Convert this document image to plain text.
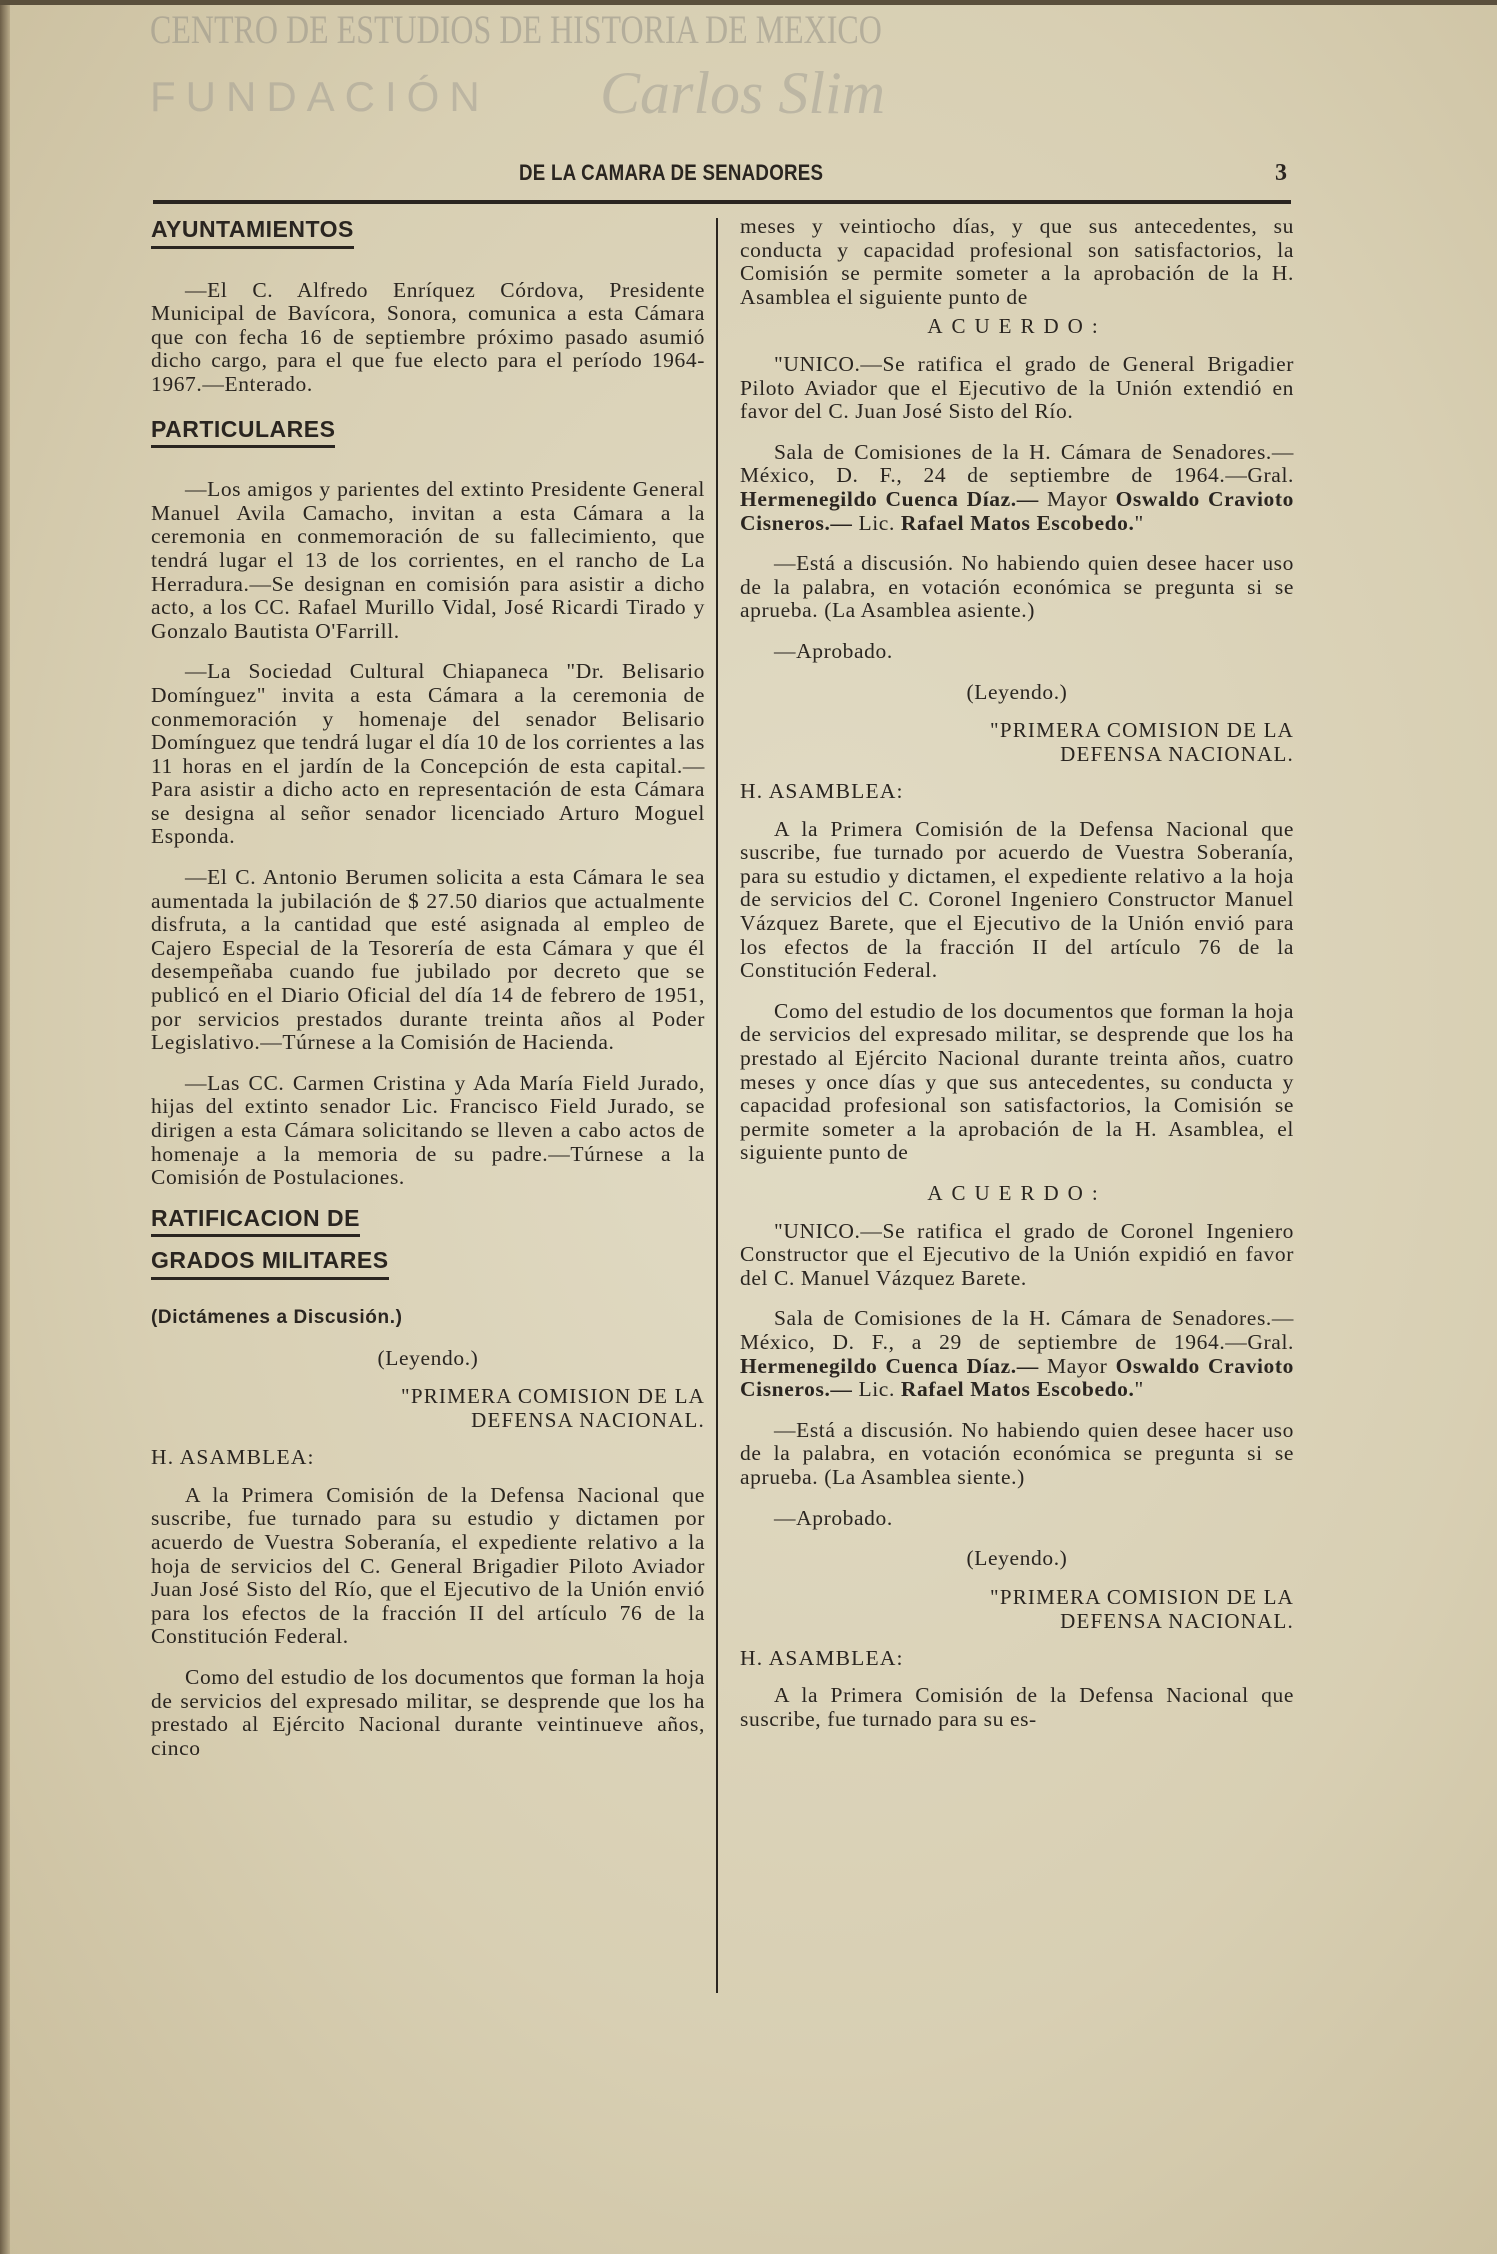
CENTRO DE ESTUDIOS DE HISTORIA DE MEXICO
FUNDACIÓN Carlos Slim
DE LA CAMARA DE SENADORES	3
AYUNTAMIENTOS

—El C. Alfredo Enríquez Córdova, Presidente Municipal de Bavícora, Sonora, comunica a esta Cámara que con fecha 16 de septiembre próximo pasado asumió dicho cargo, para el que fue electo para el período 1964-1967.—Enterado.

PARTICULARES

—Los amigos y parientes del extinto Presidente General Manuel Avila Camacho, invitan a esta Cámara a la ceremonia en conmemoración de su fallecimiento, que tendrá lugar el 13 de los corrientes, en el rancho de La Herradura.—Se designan en comisión para asistir a dicho acto, a los CC. Rafael Murillo Vidal, José Ricardi Tirado y Gonzalo Bautista O'Farrill.

—La Sociedad Cultural Chiapaneca "Dr. Belisario Domínguez" invita a esta Cámara a la ceremonia de conmemoración y homenaje del senador Belisario Domínguez que tendrá lugar el día 10 de los corrientes a las 11 horas en el jardín de la Concepción de esta capital.—Para asistir a dicho acto en representación de esta Cámara se designa al señor senador licenciado Arturo Moguel Esponda.

—El C. Antonio Berumen solicita a esta Cámara le sea aumentada la jubilación de $ 27.50 diarios que actualmente disfruta, a la cantidad que esté asignada al empleo de Cajero Especial de la Tesorería de esta Cámara y que él desempeñaba cuando fue jubilado por decreto que se publicó en el Diario Oficial del día 14 de febrero de 1951, por servicios prestados durante treinta años al Poder Legislativo.—Túrnese a la Comisión de Hacienda.

—Las CC. Carmen Cristina y Ada María Field Jurado, hijas del extinto senador Lic. Francisco Field Jurado, se dirigen a esta Cámara solicitando se lleven a cabo actos de homenaje a la memoria de su padre.—Túrnese a la Comisión de Postulaciones.

RATIFICACION DE
GRADOS MILITARES
(Dictámenes a Discusión.)
(Leyendo.)
"PRIMERA COMISION DE LA
DEFENSA NACIONAL.
H. ASAMBLEA:

A la Primera Comisión de la Defensa Nacional que suscribe, fue turnado para su estudio y dictamen por acuerdo de Vuestra Soberanía, el expediente relativo a la hoja de servicios del C. General Brigadier Piloto Aviador Juan José Sisto del Río, que el Ejecutivo de la Unión envió para los efectos de la fracción II del artículo 76 de la Constitución Federal.

Como del estudio de los documentos que forman la hoja de servicios del expresado militar, se desprende que los ha prestado al Ejército Nacional durante veintinueve años, cinco

meses y veintiocho días, y que sus antecedentes, su conducta y capacidad profesional son satisfactorios, la Comisión se permite someter a la aprobación de la H. Asamblea el siguiente punto de

ACUERDO:

"UNICO.—Se ratifica el grado de General Brigadier Piloto Aviador que el Ejecutivo de la Unión extendió en favor del C. Juan José Sisto del Río.

Sala de Comisiones de la H. Cámara de Senadores.—México, D. F., 24 de septiembre de 1964.—Gral. Hermenegildo Cuenca Díaz.— Mayor Oswaldo Cravioto Cisneros.— Lic. Rafael Matos Escobedo."

—Está a discusión. No habiendo quien desee hacer uso de la palabra, en votación económica se pregunta si se aprueba. (La Asamblea asiente.)

—Aprobado.

(Leyendo.)
"PRIMERA COMISION DE LA
DEFENSA NACIONAL.
H. ASAMBLEA:

A la Primera Comisión de la Defensa Nacional que suscribe, fue turnado por acuerdo de Vuestra Soberanía, para su estudio y dictamen, el expediente relativo a la hoja de servicios del C. Coronel Ingeniero Constructor Manuel Vázquez Barete, que el Ejecutivo de la Unión envió para los efectos de la fracción II del artículo 76 de la Constitución Federal.

Como del estudio de los documentos que forman la hoja de servicios del expresado militar, se desprende que los ha prestado al Ejército Nacional durante treinta años, cuatro meses y once días y que sus antecedentes, su conducta y capacidad profesional son satisfactorios, la Comisión se permite someter a la aprobación de la H. Asamblea, el siguiente punto de

ACUERDO:

"UNICO.—Se ratifica el grado de Coronel Ingeniero Constructor que el Ejecutivo de la Unión expidió en favor del C. Manuel Vázquez Barete.

Sala de Comisiones de la H. Cámara de Senadores.—México, D. F., a 29 de septiembre de 1964.—Gral. Hermenegildo Cuenca Díaz.— Mayor Oswaldo Cravioto Cisneros.— Lic. Rafael Matos Escobedo."

—Está a discusión. No habiendo quien desee hacer uso de la palabra, en votación económica se pregunta si se aprueba. (La Asamblea siente.)

—Aprobado.

(Leyendo.)
"PRIMERA COMISION DE LA
DEFENSA NACIONAL.
H. ASAMBLEA:

A la Primera Comisión de la Defensa Nacional que suscribe, fue turnado para su es-
